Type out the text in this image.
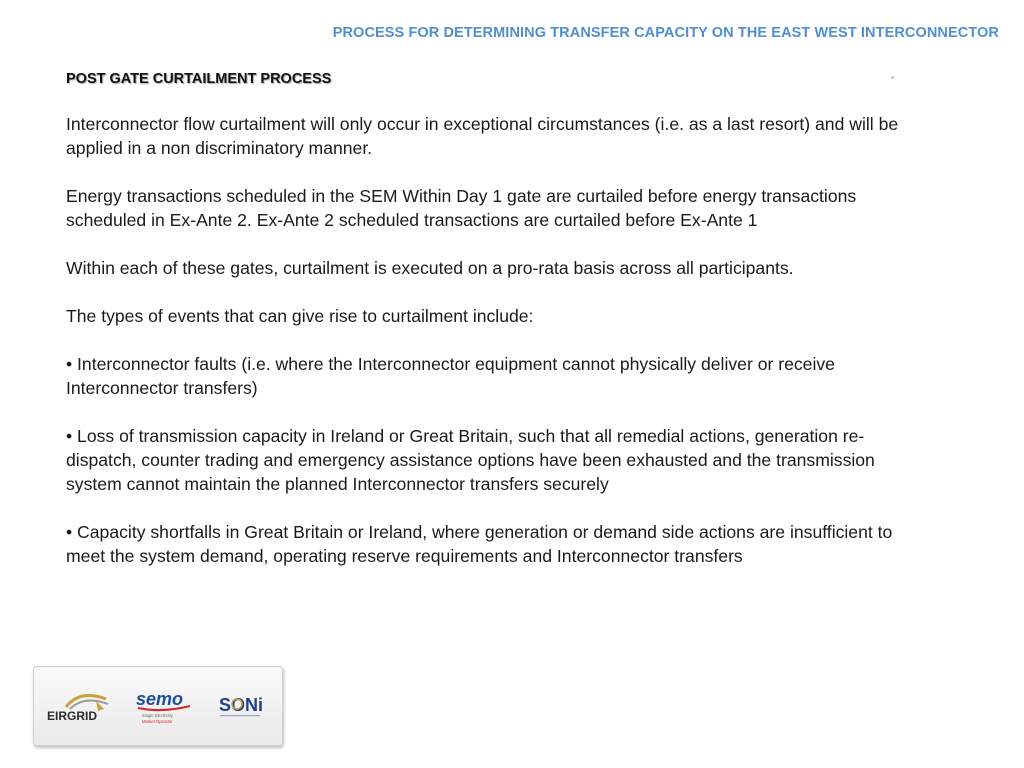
PROCESS FOR DETERMINING TRANSFER CAPACITY ON THE EAST WEST INTERCONNECTOR
POST GATE CURTAILMENT PROCESS

Interconnector flow curtailment will only occur in exceptional circumstances (i.e. as a last resort) and will be applied in a non discriminatory manner.

Energy transactions scheduled in the SEM Within Day 1 gate are curtailed before energy transactions scheduled in Ex-Ante 2. Ex-Ante 2 scheduled transactions are curtailed before Ex-Ante 1

Within each of these gates, curtailment is executed on a pro-rata basis across all participants.

The types of events that can give rise to curtailment include:

• Interconnector faults (i.e. where the Interconnector equipment cannot physically deliver or receive Interconnector transfers)

• Loss of transmission capacity in Ireland or Great Britain, such that all remedial actions, generation re-dispatch, counter trading and emergency assistance options have been exhausted and the transmission system cannot maintain the planned Interconnector transfers securely

• Capacity shortfalls in Great Britain or Ireland, where generation or demand side actions are insufficient to meet the system demand, operating reserve requirements and Interconnector transfers

EIRGRID
semo
Single Electricity
Market Operator
SONi
